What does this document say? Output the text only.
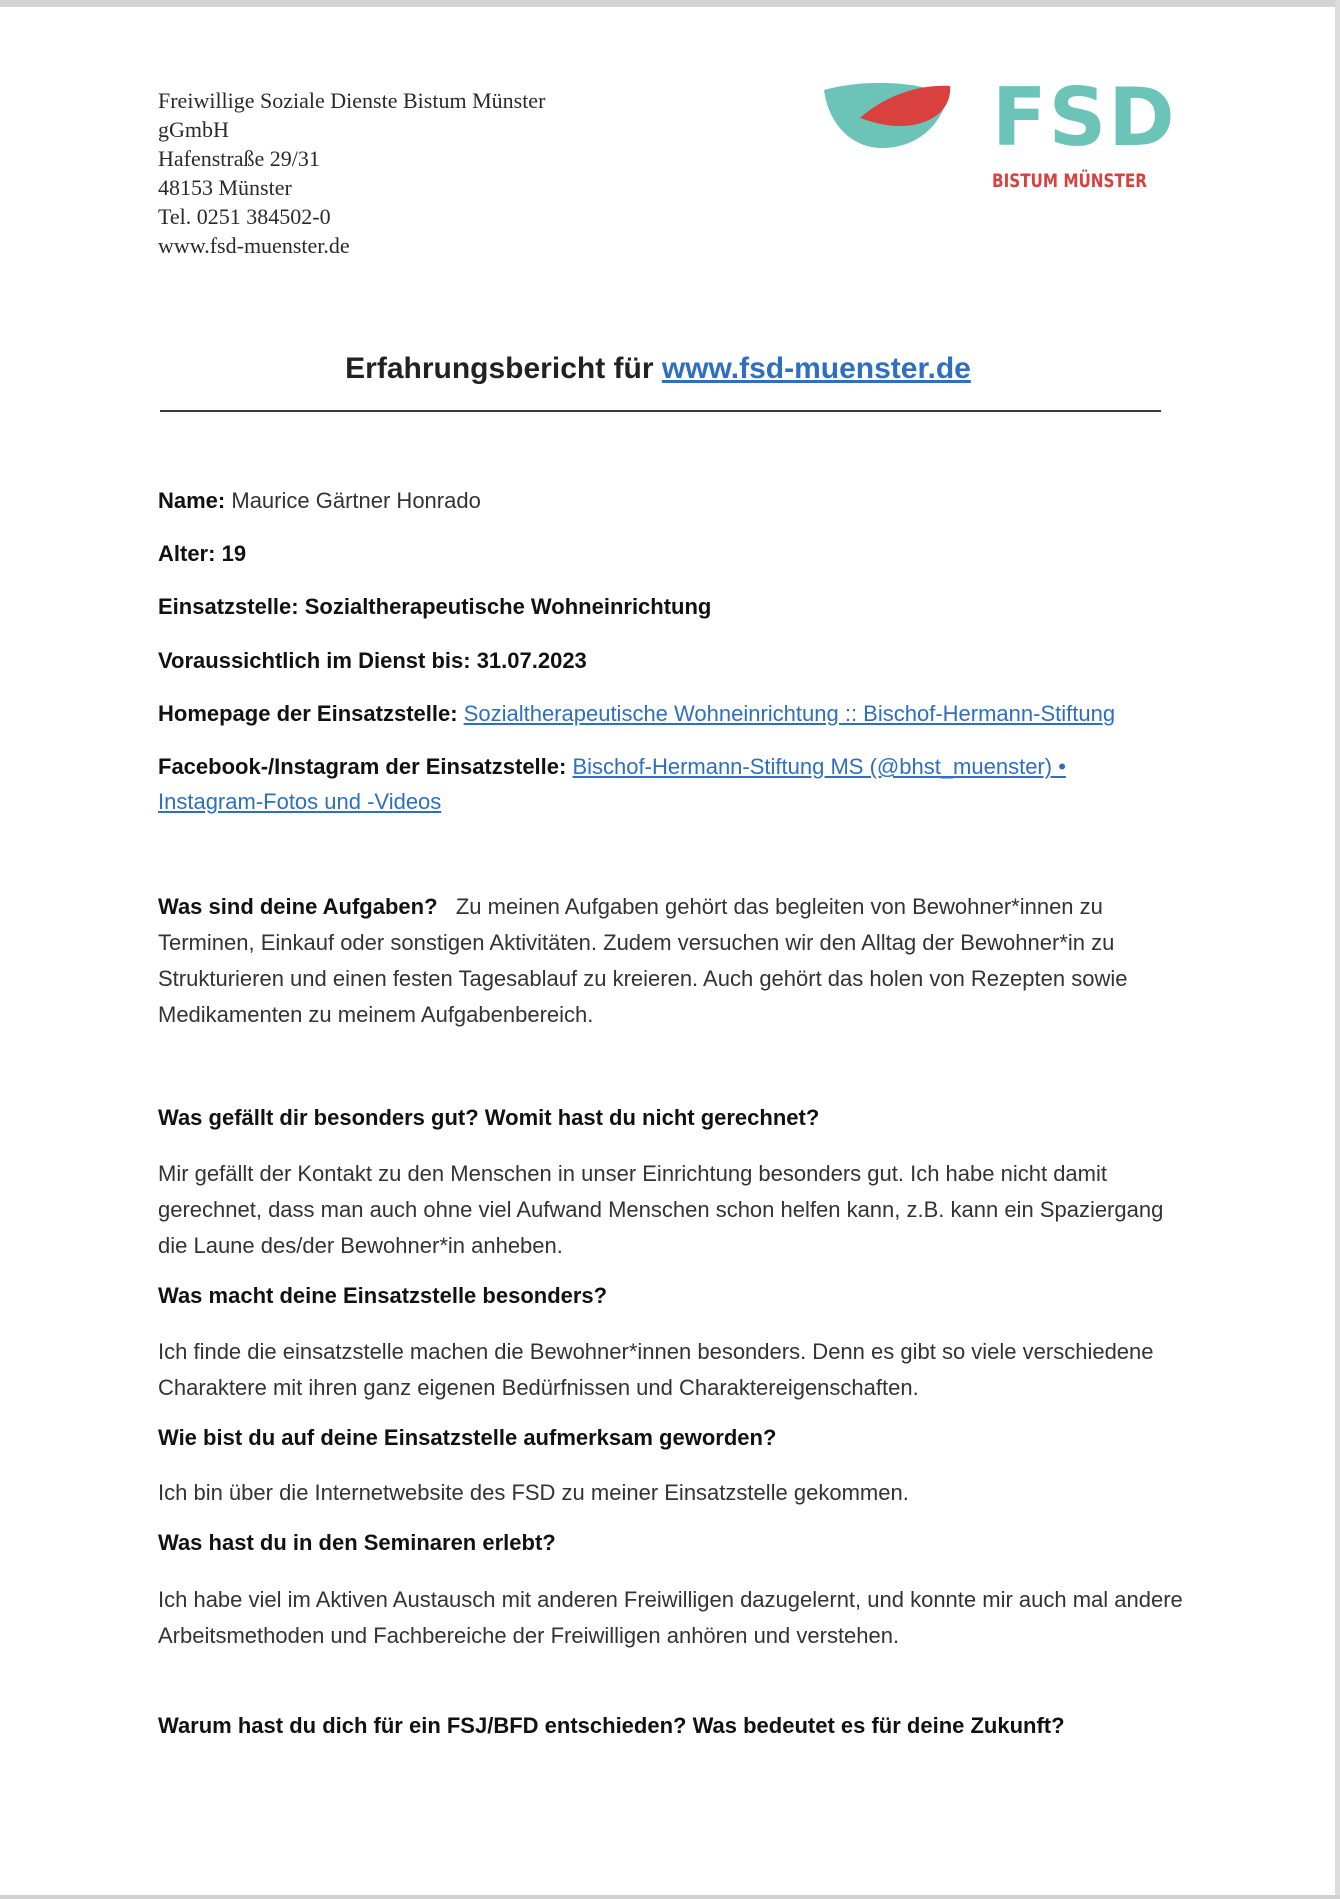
Freiwillige Soziale Dienste Bistum Münster
gGmbH
Hafenstraße 29/31
48153 Münster
Tel. 0251 384502-0
www.fsd-muenster.de
FSD
BISTUM MÜNSTER
Erfahrungsbericht für www.fsd-muenster.de
Name: Maurice Gärtner Honrado
Alter: 19
Einsatzstelle: Sozialtherapeutische Wohneinrichtung
Voraussichtlich im Dienst bis: 31.07.2023
Homepage der Einsatzstelle: Sozialtherapeutische Wohneinrichtung :: Bischof-Hermann-Stiftung
Facebook-/Instagram der Einsatzstelle: Bischof-Hermann-Stiftung MS (@bhst_muenster) •
Instagram-Fotos und -Videos
Was sind deine Aufgaben? Zu meinen Aufgaben gehört das begleiten von Bewohner*innen zu Terminen, Einkauf oder sonstigen Aktivitäten. Zudem versuchen wir den Alltag der Bewohner*in zu Strukturieren und einen festen Tagesablauf zu kreieren. Auch gehört das holen von Rezepten sowie Medikamenten zu meinem Aufgabenbereich.
Was gefällt dir besonders gut? Womit hast du nicht gerechnet?
Mir gefällt der Kontakt zu den Menschen in unser Einrichtung besonders gut. Ich habe nicht damit gerechnet, dass man auch ohne viel Aufwand Menschen schon helfen kann, z.B. kann ein Spaziergang die Laune des/der Bewohner*in anheben.
Was macht deine Einsatzstelle besonders?
Ich finde die einsatzstelle machen die Bewohner*innen besonders. Denn es gibt so viele verschiedene Charaktere mit ihren ganz eigenen Bedürfnissen und Charaktereigenschaften.
Wie bist du auf deine Einsatzstelle aufmerksam geworden?
Ich bin über die Internetwebsite des FSD zu meiner Einsatzstelle gekommen.
Was hast du in den Seminaren erlebt?
Ich habe viel im Aktiven Austausch mit anderen Freiwilligen dazugelernt, und konnte mir auch mal andere Arbeitsmethoden und Fachbereiche der Freiwilligen anhören und verstehen.
Warum hast du dich für ein FSJ/BFD entschieden? Was bedeutet es für deine Zukunft?
